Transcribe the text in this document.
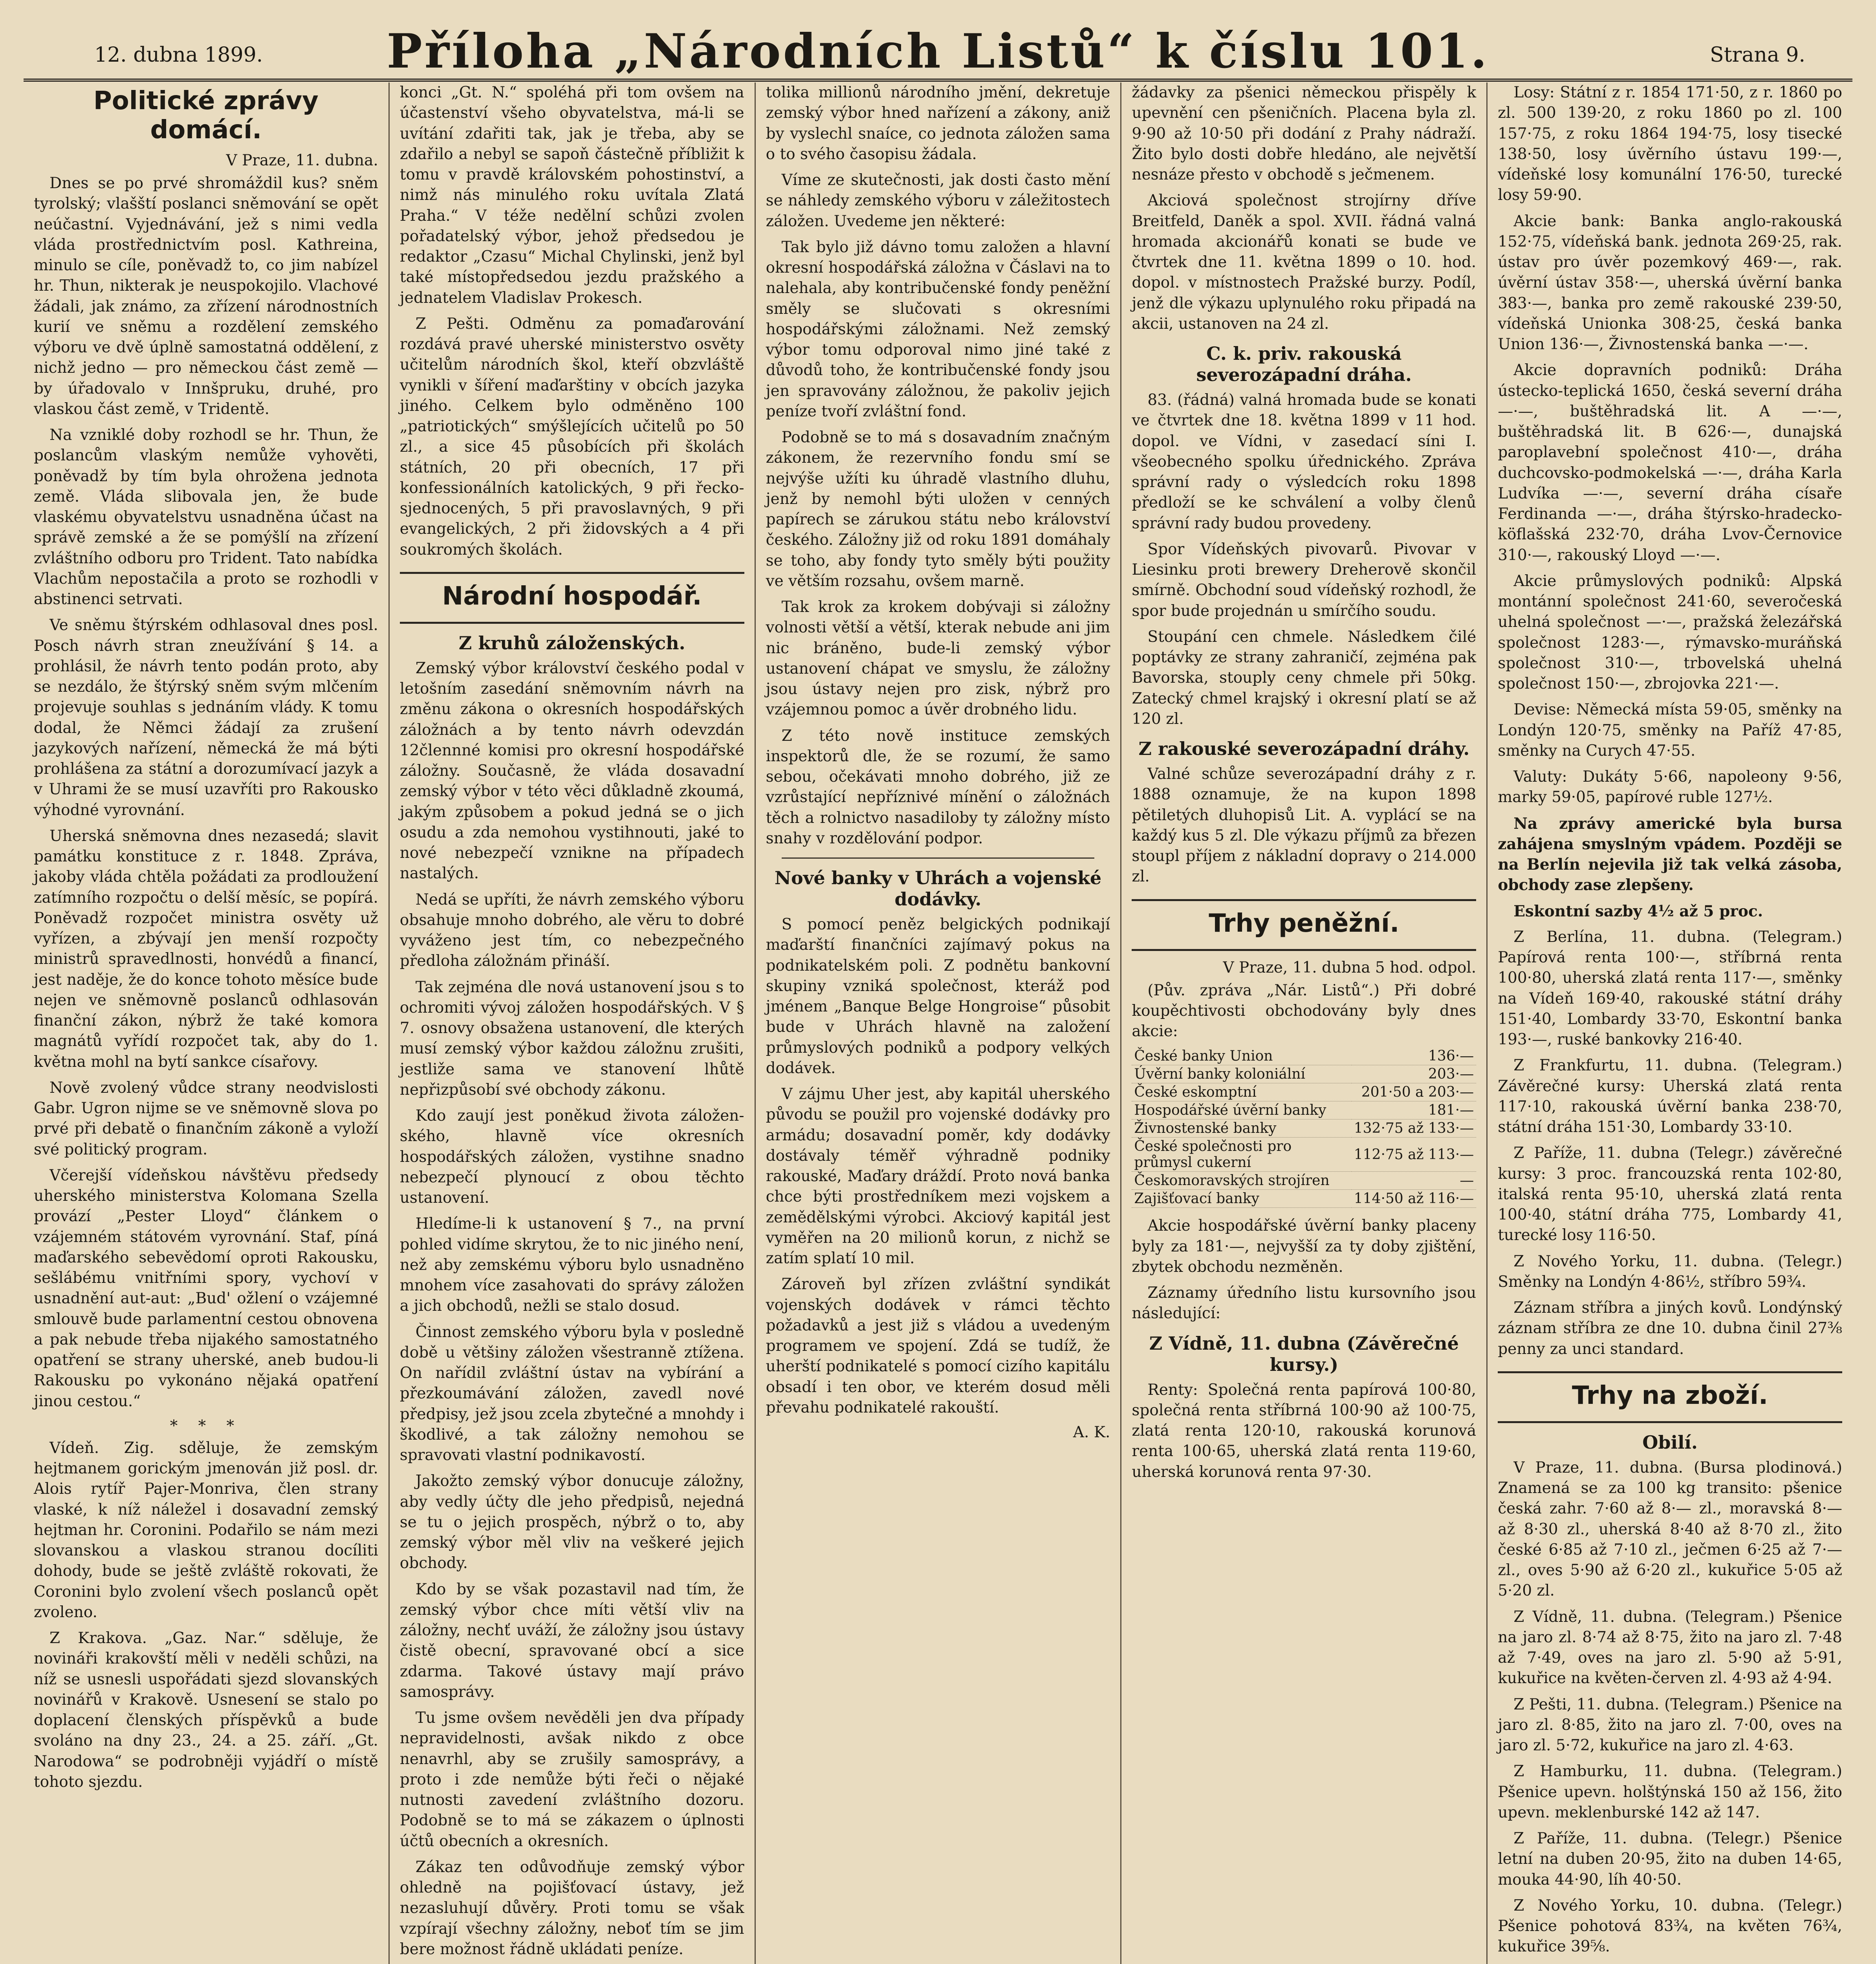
12. dubna 1899.	Příloha „Národních Listů“ k číslu 101.	Strana 9.
Politické zprávy domácí.
V Praze, 11. dubna.

Dnes se po prvé shromáždil kus? sněm tyrolský; vlašští poslanci sněmování se opět neúčastní. Vyjednávání, jež s nimi vedla vláda prostřednictvím posl. Kathreina, minulo se cíle, poněvadž to, co jim nabízel hr. Thun, nikterak je neuspokojilo. Vlachové žádali, jak známo, za zřízení národnostních kurií ve sněmu a rozdělení zemského výboru ve dvě úplně samostatná oddělení, z nichž jedno — pro německou část země — by úřadovalo v Innšpruku, druhé, pro vlaskou část země, v Tridentě.

Na vzniklé doby rozhodl se hr. Thun, že poslancům vlaským nemůže vyhověti, poněvadž by tím byla ohrožena jednota země. Vláda slibovala jen, že bude vlaskému obyvatelstvu usnadněna účast na správě zemské a že se pomýšlí na zřízení zvláštního odboru pro Trident. Tato nabídka Vlachům nepostačila a proto se rozhodli v abstinenci setrvati.

Ve sněmu štýrském odhlasoval dnes posl. Posch návrh stran zneužívání § 14. a prohlásil, že návrh tento podán proto, aby se nezdálo, že štýrský sněm svým mlčením projevuje souhlas s jednáním vlády. K tomu dodal, že Němci žádají za zrušení jazykových nařízení, německá že má býti prohlášena za státní a dorozumívací jazyk a v Uhrami že se musí uzavříti pro Rakousko výhodné vyrovnání.

Uherská sněmovna dnes nezasedá; slavit památku konstituce z r. 1848. Zpráva, jakoby vláda chtěla požádati za prodloužení zatímního rozpočtu o delší měsíc, se popírá. Poněvadž rozpočet ministra osvěty už vyřízen, a zbývají jen menší rozpočty ministrů spravedlnosti, honvédů a financí, jest naděje, že do konce tohoto měsíce bude nejen ve sněmovně poslanců odhlasován finanční zákon, nýbrž že také komora magnátů vyřídí rozpočet tak, aby do 1. května mohl na bytí sankce císařovy.

Nově zvolený vůdce strany neodvislosti Gabr. Ugron nijme se ve sněmovně slova po prvé při debatě o finančním zákoně a vyloží své politický program.

Včerejší vídeňskou návštěvu předsedy uherského ministerstva Kolomana Szella provází „Pester Lloyd“ článkem o vzájemném státovém vyrovnání. Staf, píná maďarského sebevědomí oproti Rakousku, sešlábému vnitřními spory, vychoví v usnadnění aut-aut: „Bud' ožlení o vzájemné smlouvě bude parlamentní cestou obnovena a pak nebude třeba nijakého samostatného opatření se strany uherské, aneb budou-li Rakousku po vykonáno nějaká opatření jinou cestou.“

* * *

Vídeň. Zig. sděluje, že zemským hejtmanem gorickým jmenován již posl. dr. Alois rytíř Pajer-Monriva, člen strany vlaské, k níž náležel i dosavadní zemský hejtman hr. Coronini. Podařilo se nám mezi slovanskou a vlaskou stranou docíliti dohody, bude se ještě zvláště rokovati, že Coronini bylo zvolení všech poslanců opět zvoleno.

Z Krakova. „Gaz. Nar.“ sděluje, že novináři krakovští měli v neděli schůzi, na níž se usnesli uspořádati sjezd slovanských novinářů v Krakově. Usnesení se stalo po doplacení členských příspěvků a bude svoláno na dny 23., 24. a 25. září. „Gt. Narodowa“ se podrobněji vyjádří o místě tohoto sjezdu.

konci „Gt. N.“ spoléhá při tom ovšem na účastenství všeho obyvatelstva, má-li se uvítání zdařiti tak, jak je třeba, aby se zdařilo a nebyl se sapoň částečně příbližit k tomu v pravdě královském pohostinství, a nimž nás minulého roku uvítala Zlatá Praha.“ V téže nedělní schůzi zvolen pořadatelský výbor, jehož předsedou je redaktor „Czasu“ Michal Chylinski, jenž byl také místopředsedou jezdu pražského a jednatelem Vladislav Prokesch.

Z Pešti. Odměnu za pomaďarování rozdává pravé uherské ministerstvo osvěty učitelům národních škol, kteří obzvláště vynikli v šíření maďarštiny v obcích jazyka jiného. Celkem bylo odměněno 100 „patriotických“ smýšlejících učitelů po 50 zl., a sice 45 působících při školách státních, 20 při obecních, 17 při konfessionálních katolických, 9 při řecko-sjednocených, 5 při pravoslavných, 9 při evangelických, 2 při židovských a 4 při soukromých školách.

Národní hospodář.
Z kruhů záloženských.

Zemský výbor království českého podal v letošním zasedání sněmovním návrh na změnu zákona o okresních hospodářských záložnách a by tento návrh odevzdán 12člennné komisi pro okresní hospodářské záložny. Současně, že vláda dosavadní zemský výbor v této věci důkladně zkoumá, jakým způsobem a pokud jedná se o jich osudu a zda nemohou vystihnouti, jaké to nové nebezpečí vznikne na případech nastalých.

Nedá se upříti, že návrh zemského výboru obsahuje mnoho dobrého, ale věru to dobré vyváženo jest tím, co nebezpečného předloha záložnám přináší.

Tak zejména dle nová ustanovení jsou s to ochromiti vývoj záložen hospodářských. V § 7. osnovy obsažena ustanovení, dle kterých musí zemský výbor každou záložnu zrušiti, jestliže sama ve stanovení lhůtě nepřizpůsobí své obchody zákonu.

Kdo zaují jest poněkud života záloženského, hlavně více okresních hospodářských záložen, vystihne snadno nebezpečí plynoucí z obou těchto ustanovení.

Hledíme-li k ustanovení § 7., na první pohled vidíme skrytou, že to nic jiného není, než aby zemskému výboru bylo usnadněno mnohem více zasahovati do správy záložen a jich obchodů, nežli se stalo dosud.

Činnost zemského výboru byla v posledně době u většiny záložen všestranně ztížena. On nařídil zvláštní ústav na vybírání a přezkoumávání záložen, zavedl nové předpisy, jež jsou zcela zbytečné a mnohdy i škodlivé, a tak záložny nemohou se spravovati vlastní podnikavostí.

Jakožto zemský výbor donucuje záložny, aby vedly účty dle jeho předpisů, nejedná se tu o jejich prospěch, nýbrž o to, aby zemský výbor měl vliv na veškeré jejich obchody.

Kdo by se však pozastavil nad tím, že zemský výbor chce míti větší vliv na záložny, nechť uváží, že záložny jsou ústavy čistě obecní, spravované obcí a sice zdarma. Takové ústavy mají právo samosprávy.

Tu jsme ovšem nevěděli jen dva případy nepravidelnosti, avšak nikdo z obce nenavrhl, aby se zrušily samosprávy, a proto i zde nemůže býti řeči o nějaké nutnosti zavedení zvláštního dozoru. Podobně se to má se zákazem o úplnosti účtů obecních a okresních.

Zákaz ten odůvodňuje zemský výbor ohledně na pojišťovací ústavy, jež nezasluhují důvěry. Proti tomu se však vzpírají všechny záložny, neboť tím se jim bere možnost řádně ukládati peníze.

tolika millionů národního jmění, dekretuje zemský výbor hned nařízení a zákony, aniž by vyslechl snaíce, co jednota záložen sama o to svého časopisu žádala.

Víme ze skutečnosti, jak dosti často mění se náhledy zemského výboru v záležitostech záložen. Uvedeme jen některé:

Tak bylo již dávno tomu založen a hlavní okresní hospodářská záložna v Čáslavi na to nalehala, aby kontribučenské fondy peněžní směly se slučovati s okresními hospodářskými záložnami. Než zemský výbor tomu odporoval nimo jiné také z důvodů toho, že kontribučenské fondy jsou jen spravovány záložnou, že pakoliv jejich peníze tvoří zvláštní fond.

Podobně se to má s dosavadním značným zákonem, že rezervního fondu smí se nejvýše užíti ku úhradě vlastního dluhu, jenž by nemohl býti uložen v cenných papírech se zárukou státu nebo království českého. Záložny již od roku 1891 domáhaly se toho, aby fondy tyto směly býti použity ve větším rozsahu, ovšem marně.

Tak krok za krokem dobývaji si záložny volnosti větší a větší, kterak nebude ani jim nic bráněno, bude-li zemský výbor ustanovení chápat ve smyslu, že záložny jsou ústavy nejen pro zisk, nýbrž pro vzájemnou pomoc a úvěr drobného lidu.

Z této nově instituce zemských inspektorů dle, že se rozumí, že samo sebou, očekávati mnoho dobrého, již ze vzrůstající nepříznivé mínění o záložnách těch a rolnictvo nasadiloby ty záložny místo snahy v rozdělování podpor.

Nové banky v Uhrách a vojenské dodávky.

S pomocí peněz belgických podnikají maďarští finančníci zajímavý pokus na podnikatelském poli. Z podnětu bankovní skupiny vzniká společnost, kteráž pod jménem „Banque Belge Hongroise“ působit bude v Uhrách hlavně na založení průmyslových podniků a podpory velkých dodávek.

V zájmu Uher jest, aby kapitál uherského původu se použil pro vojenské dodávky pro armádu; dosavadní poměr, kdy dodávky dostávaly téměř výhradně podniky rakouské, Maďary dráždí. Proto nová banka chce býti prostředníkem mezi vojskem a zemědělskými výrobci. Akciový kapitál jest vyměřen na 20 milionů korun, z nichž se zatím splatí 10 mil.

Zároveň byl zřízen zvláštní syndikát vojenských dodávek v rámci těchto požadavků a jest již s vládou a uvedeným programem ve spojení. Zdá se tudíž, že uherští podnikatelé s pomocí cizího kapitálu obsadí i ten obor, ve kterém dosud měli převahu podnikatelé rakouští.

A. K.

žádavky za pšenici německou přispěly k upevnění cen pšeničních. Placena byla zl. 9·90 až 10·50 při dodání z Prahy nádraží. Žito bylo dosti dobře hledáno, ale největší nesnáze přesto v obchodě s ječmenem.

Akciová společnost strojírny dříve Breitfeld, Daněk a spol. XVII. řádná valná hromada akcionářů konati se bude ve čtvrtek dne 11. května 1899 o 10. hod. dopol. v místnostech Pražské burzy. Podíl, jenž dle výkazu uplynulého roku připadá na akcii, ustanoven na 24 zl.

C. k. priv. rakouská severozápadní dráha.

83. (řádná) valná hromada bude se konati ve čtvrtek dne 18. května 1899 v 11 hod. dopol. ve Vídni, v zasedací síni I. všeobecného spolku úřednického. Zpráva správní rady o výsledcích roku 1898 předloží se ke schválení a volby členů správní rady budou provedeny.

Spor Vídeňských pivovarů. Pivovar v Liesinku proti brewery Dreherově skončil smírně. Obchodní soud vídeňský rozhodl, že spor bude projednán u smírčího soudu.

Stoupání cen chmele. Následkem čilé poptávky ze strany zahraničí, zejména pak Bavorska, stouply ceny chmele při 50kg. Zatecký chmel krajský i okresní platí se až 120 zl.

Z rakouské severozápadní dráhy.

Valné schůze severozápadní dráhy z r. 1888 oznamuje, že na kupon 1898 pětiletých dluhopisů Lit. A. vyplácí se na každý kus 5 zl. Dle výkazu příjmů za březen stoupl příjem z nákladní dopravy o 214.000 zl.

Trhy peněžní.
V Praze, 11. dubna 5 hod. odpol.

(Pův. zpráva „Nár. Listů“.) Při dobré koupěchtivosti obchodovány byly dnes akcie:

České banky Union	136·—
Úvěrní banky koloniální	203·—
České eskomptní	201·50 a 203·—
Hospodářské úvěrní banky	181·—
Živnostenské banky	132·75 až 133·—
České společnosti pro průmysl cukerní	112·75 až 113·—
Českomoravských strojíren	—
Zajišťovací banky	114·50 až 116·—

Akcie hospodářské úvěrní banky placeny byly za 181·—, nejvyšší za ty doby zjištění, zbytek obchodu nezměněn.

Záznamy úředního listu kursovního jsou následující:

Z Vídně, 11. dubna (Závěrečné kursy.)

Renty: Společná renta papírová 100·80, společná renta stříbrná 100·90 až 100·75, zlatá renta 120·10, rakouská korunová renta 100·65, uherská zlatá renta 119·60, uherská korunová renta 97·30.

Losy: Státní z r. 1854 171·50, z r. 1860 po zl. 500 139·20, z roku 1860 po zl. 100 157·75, z roku 1864 194·75, losy tisecké 138·50, losy úvěrního ústavu 199·—, vídeňské losy komunální 176·50, turecké losy 59·90.

Akcie bank: Banka anglo-rakouská 152·75, vídeňská bank. jednota 269·25, rak. ústav pro úvěr pozemkový 469·—, rak. úvěrní ústav 358·—, uherská úvěrní banka 383·—, banka pro země rakouské 239·50, vídeňská Unionka 308·25, česká banka Union 136·—, Živnostenská banka —·—.

Akcie dopravních podniků: Dráha ústecko-teplická 1650, česká severní dráha —·—, buštěhradská lit. A —·—, buštěhradská lit. B 626·—, dunajská paroplavební společnost 410·—, dráha duchcovsko-podmokelská —·—, dráha Karla Ludvíka —·—, severní dráha císaře Ferdinanda —·—, dráha štýrsko-hradecko-köflašská 232·70, dráha Lvov-Černovice 310·—, rakouský Lloyd —·—.

Akcie průmyslových podniků: Alpská montánní společnost 241·60, severočeská uhelná společnost —·—, pražská železářská společnost 1283·—, rýmavsko-muráňská společnost 310·—, trbovelská uhelná společnost 150·—, zbrojovka 221·—.

Devise: Německá místa 59·05, směnky na Londýn 120·75, směnky na Paříž 47·85, směnky na Curych 47·55.

Valuty: Dukáty 5·66, napoleony 9·56, marky 59·05, papírové ruble 127½.

Na zprávy americké byla bursa zahájena smyslným vpádem. Později se na Berlín nejevila již tak velká zásoba, obchody zase zlepšeny.

Eskontní sazby 4½ až 5 proc.

Z Berlína, 11. dubna. (Telegram.) Papírová renta 100·—, stříbrná renta 100·80, uherská zlatá renta 117·—, směnky na Vídeň 169·40, rakouské státní dráhy 151·40, Lombardy 33·70, Eskontní banka 193·—, ruské bankovky 216·40.

Z Frankfurtu, 11. dubna. (Telegram.) Závěrečné kursy: Uherská zlatá renta 117·10, rakouská úvěrní banka 238·70, státní dráha 151·30, Lombardy 33·10.

Z Paříže, 11. dubna (Telegr.) závěrečné kursy: 3 proc. francouzská renta 102·80, italská renta 95·10, uherská zlatá renta 100·40, státní dráha 775, Lombardy 41, turecké losy 116·50.

Z Nového Yorku, 11. dubna. (Telegr.) Směnky na Londýn 4·86½, stříbro 59¾.

Záznam stříbra a jiných kovů. Londýnský záznam stříbra ze dne 10. dubna činil 27⅜ penny za unci standard.

Trhy na zboží.
Obilí.

V Praze, 11. dubna. (Bursa plodinová.) Znamená se za 100 kg transito: pšenice česká zahr. 7·60 až 8·— zl., moravská 8·— až 8·30 zl., uherská 8·40 až 8·70 zl., žito české 6·85 až 7·10 zl., ječmen 6·25 až 7·— zl., oves 5·90 až 6·20 zl., kukuřice 5·05 až 5·20 zl.

Z Vídně, 11. dubna. (Telegram.) Pšenice na jaro zl. 8·74 až 8·75, žito na jaro zl. 7·48 až 7·49, oves na jaro zl. 5·90 až 5·91, kukuřice na květen-červen zl. 4·93 až 4·94.

Z Pešti, 11. dubna. (Telegram.) Pšenice na jaro zl. 8·85, žito na jaro zl. 7·00, oves na jaro zl. 5·72, kukuřice na jaro zl. 4·63.

Z Hamburku, 11. dubna. (Telegram.) Pšenice upevn. holštýnská 150 až 156, žito upevn. meklenburské 142 až 147.

Z Paříže, 11. dubna. (Telegr.) Pšenice letní na duben 20·95, žito na duben 14·65, mouka 44·90, líh 40·50.

Z Nového Yorku, 10. dubna. (Telegr.) Pšenice pohotová 83¾, na květen 76¾, kukuřice 39⅝.
